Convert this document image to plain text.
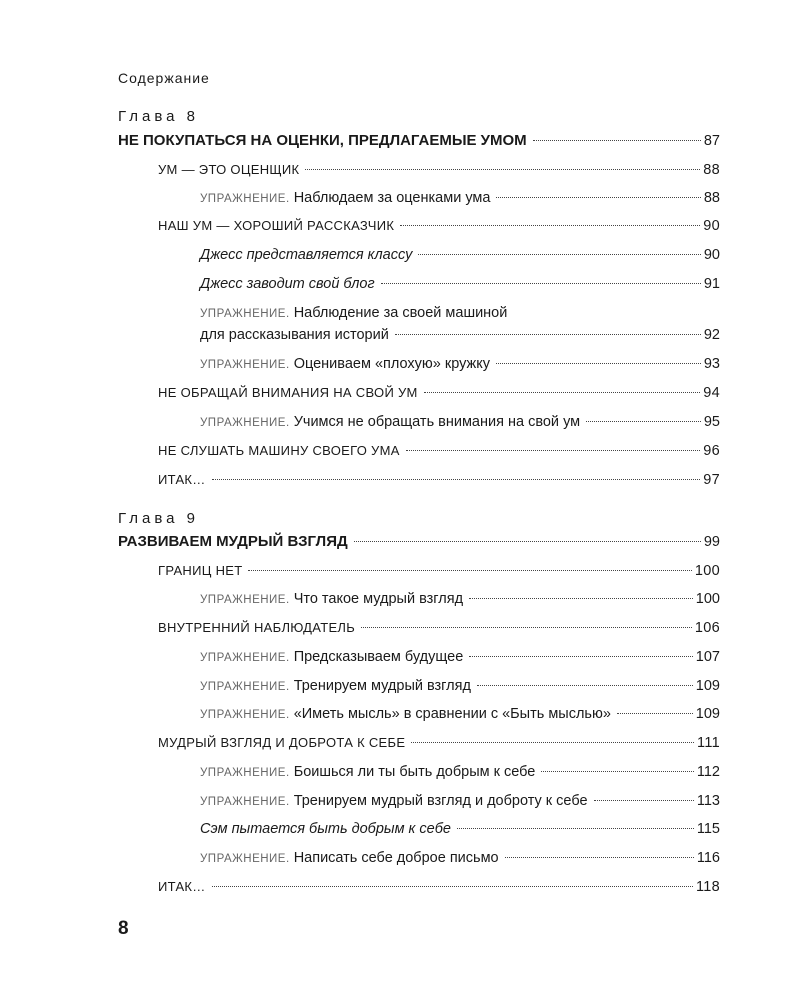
Содержание
Глава 8
НЕ ПОКУПАТЬСЯ НА ОЦЕНКИ, ПРЕДЛАГАЕМЫЕ УМОМ	87
УМ — ЭТО ОЦЕНЩИК	88
УПРАЖНЕНИЕ. Наблюдаем за оценками ума	88
НАШ УМ — ХОРОШИЙ РАССКАЗЧИК	90
Джесс представляется классу	90
Джесс заводит свой блог	91
УПРАЖНЕНИЕ. Наблюдение за своей машиной
для рассказывания историй	92
УПРАЖНЕНИЕ. Оцениваем «плохую» кружку	93
НЕ ОБРАЩАЙ ВНИМАНИЯ НА СВОЙ УМ	94
УПРАЖНЕНИЕ. Учимся не обращать внимания на свой ум	95
НЕ СЛУШАТЬ МАШИНУ СВОЕГО УМА	96
ИТАК…	97
Глава 9
РАЗВИВАЕМ МУДРЫЙ ВЗГЛЯД	99
ГРАНИЦ НЕТ	100
УПРАЖНЕНИЕ. Что такое мудрый взгляд	100
ВНУТРЕННИЙ НАБЛЮДАТЕЛЬ	106
УПРАЖНЕНИЕ. Предсказываем будущее	107
УПРАЖНЕНИЕ. Тренируем мудрый взгляд	109
УПРАЖНЕНИЕ. «Иметь мысль» в сравнении с «Быть мыслью»	109
МУДРЫЙ ВЗГЛЯД И ДОБРОТА К СЕБЕ	111
УПРАЖНЕНИЕ. Боишься ли ты быть добрым к себе	112
УПРАЖНЕНИЕ. Тренируем мудрый взгляд и доброту к себе	113
Сэм пытается быть добрым к себе	115
УПРАЖНЕНИЕ. Написать себе доброе письмо	116
ИТАК…	118
8
